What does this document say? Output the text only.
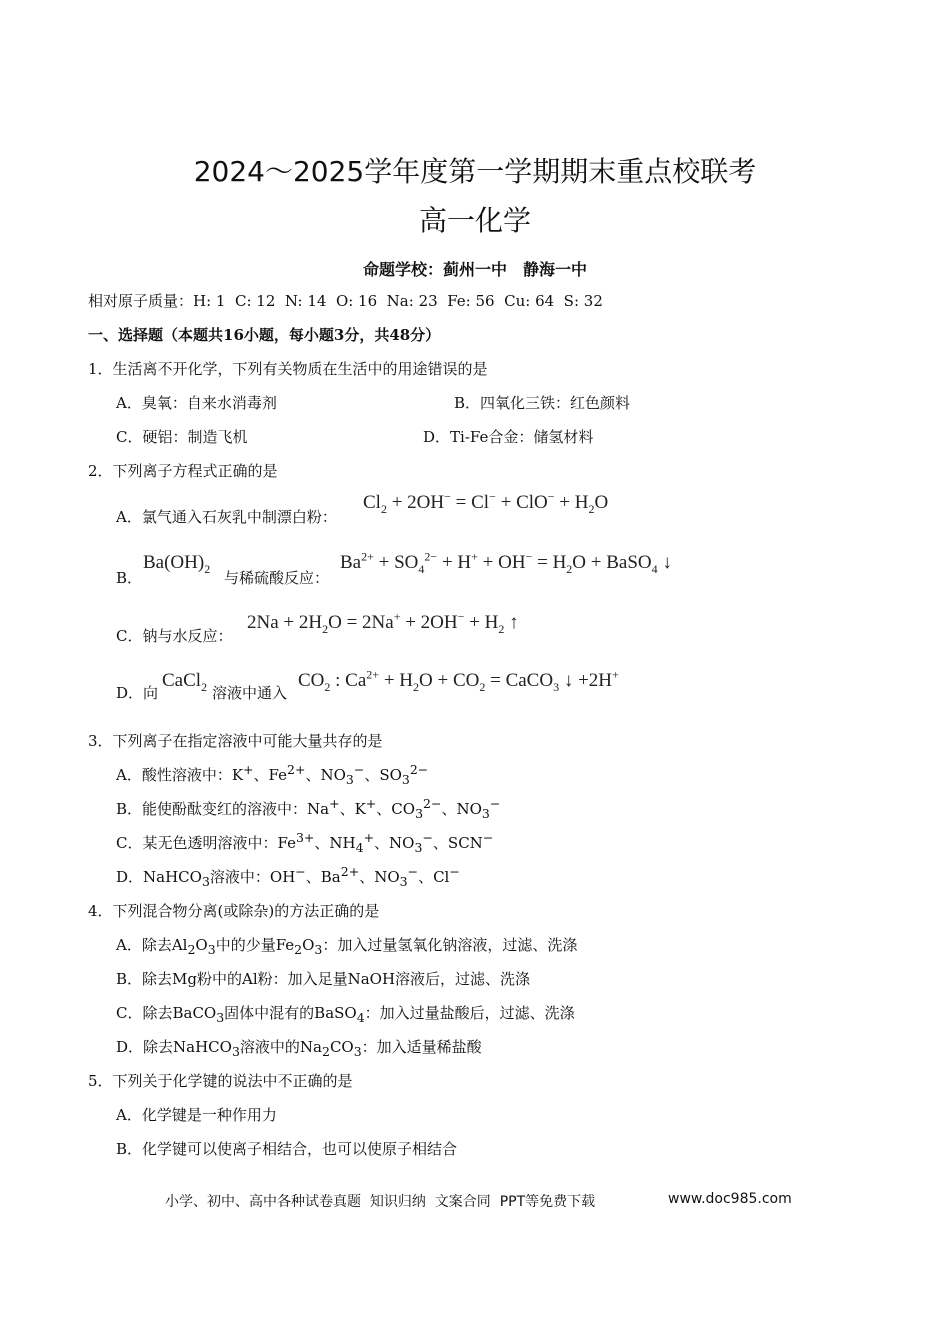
2024～2025学年度第一学期期末重点校联考
高一化学
命题学校：蓟州一中　静海一中
相对原子质量：H: 1  C: 12  N: 14  O: 16  Na: 23  Fe: 56  Cu: 64  S: 32
一、选择题（本题共16小题，每小题3分，共48分）
1．生活离不开化学，下列有关物质在生活中的用途错误的是
A．臭氧：自来水消毒剂	B．四氧化三铁：红色颜料
C．硬铝：制造飞机	D．Ti-Fe合金：储氢材料
2．下列离子方程式正确的是
A．氯气通入石灰乳中制漂白粉：
$Cl_2 + 2OH^- = Cl^- + ClO^- + H_2O$
B．
$Ba(OH)_2$
与稀硫酸反应：
$Ba^{2+} + SO_4^{2-} + H^+ + OH^- = H_2O$ + BaSO$_4$ ↓
C．钠与水反应：
$2Na + 2H_2O = 2Na^+ + 2OH^- + H_2$ ↑
D．向
CaCl$_2$ 溶液中通入
$CO_2$ : $Ca^{2+} + H_2O + CO_2$ = CaCO$_3$ ↓ +2H+
3．下列离子在指定溶液中可能大量共存的是
A．酸性溶液中：K+、$Fe^{2+}$、$NO_3^-$、$SO_3^{2-}$
B．能使酚酞变红的溶液中：Na+、K+、$CO_3^{2-}$、$NO_3^-$
C．某无色透明溶液中：$Fe^{3+}$、$NH_4^+$、$NO_3^-$、SCN−
D．NaHCO$_3$溶液中：OH−、$Ba^{2+}$、$NO_3^-$、Cl−
4．下列混合物分离(或除杂)的方法正确的是
A．除去$Al_2O_3$中的少量$Fe_2O_3$：加入过量氢氧化钠溶液，过滤、洗涤
B．除去Mg粉中的Al粉：加入足量NaOH溶液后，过滤、洗涤
C．除去BaCO$_3$固体中混有的BaSO$_4$：加入过量盐酸后，过滤、洗涤
D．除去NaHCO$_3$溶液中的$Na_2CO_3$：加入适量稀盐酸
5．下列关于化学键的说法中不正确的是
A．化学键是一种作用力
B．化学键可以使离子相结合，也可以使原子相结合
小学、初中、高中各种试卷真题  知识归纳  文案合同  PPT等免费下载	www.doc985.com
